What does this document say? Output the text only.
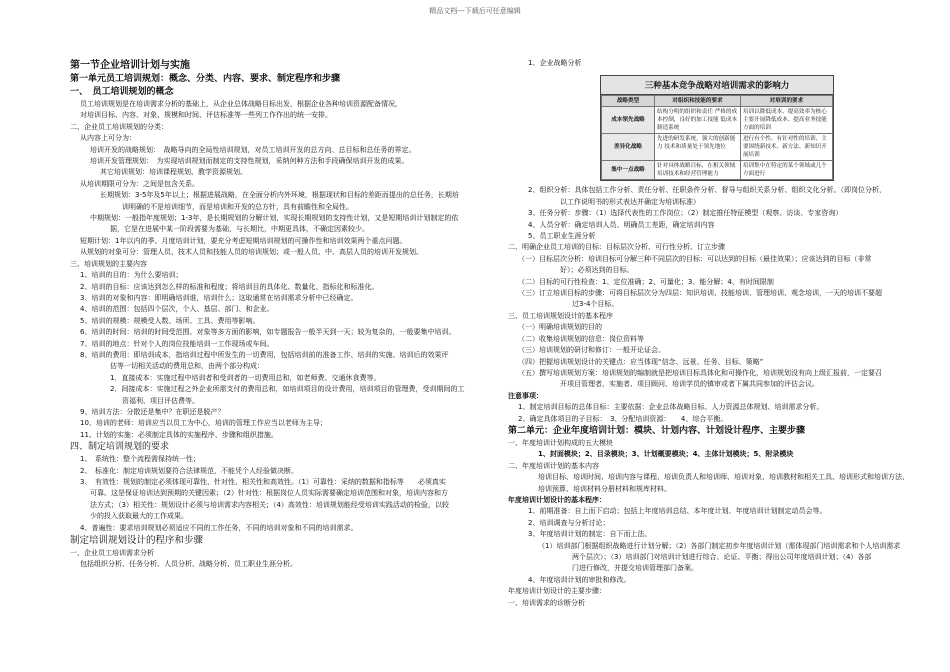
精品文档---下载后可任意编辑
第一节企业培训计划与实施
第一单元员工培训规划：概念、分类、内容、要求、制定程序和步骤
一、　员工培训规划的概念
员工培训规划是在培训需求分析的基础上，从企业总体战略目标出发，根据企业各种培训资源配备情况，
对培训目标、内容、对象、规模和时间、评估标准等一些列工作作出的统一安排。
二、企业员工培训规划的分类：
从内容上可分为：
培训开发的战略规划：　战略导向的全局性培训规划，对员工培训开发的总方向、总目标和总任务的界定。
培训开发管理规划：　为实现培训规划而制定的支持性规划，采纳何种方法和手段确保培训开发的成果。
其它培训规划：培训课程规划、教学资源规划。
从培训期限可分为：之间是包含关系。
长期规划：3-5年及5年以上；根据进展战略，在全面分析内外环境，根据现状和目标的差距而提出的总任务，长期培
训明确的不是培训细节，而是培训和开发的总方针，具有前瞻性和全局性。
中期规划：一般指年度规划；1-3年，是长期规划的分解计划，实现长期规划的支持性计划，又是短期培训计划制定的依
据，它是在进展中某一阶段需要为基础，与长期比，中期更具体，不确定因素较少。
短期计划：1年以内的季、月度培训计划，要充分考虑短期培训规划的可操作性和培训效果两个重点问题。
从规划的对象可分：管理人员、技术人员和技能人员的培训规划；或一般人员、中、高层人员的培训开发规划。
三、培训规划的主要内容
1、培训的目的：为什么要培训；
2、培训的目标：应该达到怎么样的标准和程度；将培训目的具体化、数量化、指标化和标准化。
3、培训的对象和内容：即明确培训谁，培训什么；这取通常在培训需求分析中已经确定。
4、培训的范围：包括四个层次，个人、基层、部门、和企业。
5、培训的规模：规模受人数、场所、工具、费用等影响。
6、培训的时间：培训的时间受范围、对象等多方面的影响，如专题报告一般半天到一天；较为复杂的，一般要集中培训。
7、培训的地点：针对个人的岗位技能培训一工作现场或车间。
8、培训的费用：即培训成本，指培训过程中所发生的一切费用，包括培训前的准备工作、培训的实施、培训后的效果评
估等一切相关活动的费用总和，由两个部分构成：
1．直接成本：实施过程中培训者和受训者的一切费用总和，如老师费、交通休食费等。
2．间接成本：实施过程之外企业所需支付的费用总和，如培训项目的设计费用，培训项目的管理费，受训期间的工
资福利、项目评估费等。
9、培训方法：分散还是集中？在职还是脱产？
10、培训的老师：培训应当以员工为中心，培训的管理工作应当以老师为主导；
11、计划的实施：必须制定具体的实施程序、步骤和组织措施。
四、制定培训规划的要求
1、　系统性：整个流程需保持统一性；
2、　标准化：制定培训规划要符合法律规范，不能凭个人经验做决断。
3、　有效性：规划的制定必须体现可靠性、针对性、相关性和高效性。（1）可靠性：采纳的数据和指标等　　必须真实
可靠。这是保证培训达到预期的关键因素；（2）针对性：根据岗位人员实际需要确定培训范围和对象，培训内容和方
法方式；（3）相关性：规划设计必须与培训需求内容相关；（4）高效性：培训规划能经受培训实践活动的检验，以较
少的投入获取最大的工作成果。
4、普遍性：要求培训规划必须适应不同的工作任务，不同的培训对象和不同的培训需求。
制定培训规划设计的程序和步骤
一、企业员工培训需求分析
包括组织分析、任务分析、人员分析、战略分析、员工职业生涯分析。
1、企业战略分析
三种基本竞争战略对培训需求的影响力
战略类型	对组织和技能的要求	对培训的要求
成本领先战略	结构分明的组织和责任 严格的成本控制，良好的加工技能 低成本制造系统	培训以降低成本、提高效率为核心 主要开展降低成本、提高业务技能方面的培训
差异化战略	先进的研发系统，强大的创新能力 技术和质量处于领先地位	进行有个性、有针对性的培训，主要围绕新技术、新方法、新知识开展培训
集中一点战略	针对具体战略目标，在相关领域培训技术和经营管理能力	培训集中在特定的某个领域或几个方面进行
2、组织分析：具体包括工作分析、责任分析、任职条件分析、督导与组织关系分析、组织文化分析。（即岗位分析，
以工作说明书的形式表达并确定为培训标准）
3、任务分析：步骤：（1）选择代表性的工作岗位；（2）制定推任特征模型（观察、访谈、专家咨询）
4、人员分析：确定培训人员、明确员工差距，确定培训内容
5、员工职业生涯分析
二、明确企业员工培训的目标：目标层次分析、可行性分析、订立步骤
（一）目标层次分析：培训目标可分解三种不同层次的目标：可以达到的目标（最佳效果）；应该达到的目标（非常
好）；必须达到的目标。
（二）目标的可行性检查：1、定位准确；2、可量化；3、能分解；4、有时间限制
（三）订立培训目标的步骤：可将目标层次分为四层：知识培训、技能培训、管理培训、观念培训，一天的培训不要超
过3-4个目标。
三、员工培训规划设计的基本程序
（一）明确培训规划的目的
（二）收集培训规划的信息：岗位资料等
（三）培训规划的研讨和修订：一般开论证会。
（四）把握培训规划设计的关键点：应当体现“信念、远景、任务、目标、策略”
（五）撰写培训规划方案：培训规划的编制就是把培训目标具体化和可操作化，培训规划没有向上级汇报前，一定要召
开项目管理者、实施者、项目顾问、培训学员的镇审或者下属共同参加的评估会议。
注意事项：
1、制定培训目标的总体目标：主要依据：企业总体战略目标、人力资源总体规划、培训需求分析。
2、确定具体项目的子目标：　3、分配培训资源：　　4、综合平衡。
第二单元：企业年度培训计划：模块、计划内容、计划设计程序、主要步骤
一、年度培训计划构成的五大模块
1、封面模块；2、目录模块；3、计划概要模块；4、主体计划模块；5、附录模块
二、年度培训计划的基本内容
培训目标、培训时间、培训内容与课程、培训负责人和培训师、培训对象、培训教材和相关工具、培训形式和培训方法、
培训预算、培训材料分册材料和规库材料。
年度培训计划设计的基本程序：
1、前期准备：自上而下启动；包括上年度培训总结、本年度计划、年度培训计划制定动员会等。
2、培训调查与分析讨论；
3、年度培训计划的制定：自下而上法。
（1）培训部门根据组织战略进行计划分解；（2）各部门制定初步年度培训计划（需体现部门培训需求和个人培训需求
两个层次）；（3）培训部门对培训计划进行综合、论证、平衡；得出公司年度培训计划；（4）各部
门进行修改，并提交培训管理部门备案。
4、年度培训计划的审批和修改。
年度培训计划设计的主要步骤：
一、培训需求的诊断分析
